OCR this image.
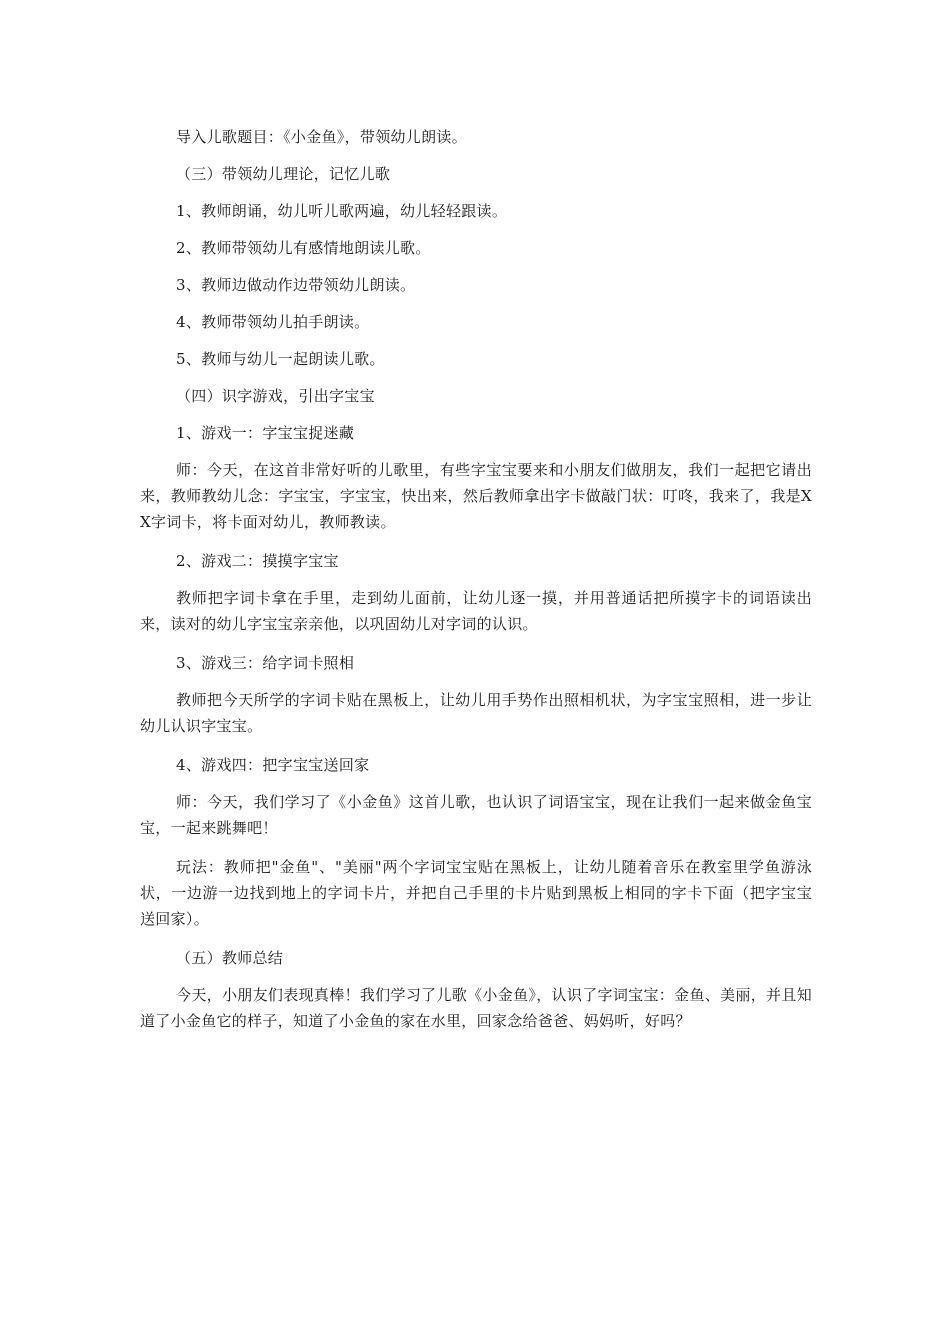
导入儿歌题目：《小金鱼》，带领幼儿朗读。

（三）带领幼儿理论，记忆儿歌

1、教师朗诵，幼儿听儿歌两遍，幼儿轻轻跟读。

2、教师带领幼儿有感情地朗读儿歌。

3、教师边做动作边带领幼儿朗读。

4、教师带领幼儿拍手朗读。

5、教师与幼儿一起朗读儿歌。

（四）识字游戏，引出字宝宝

1、游戏一：字宝宝捉迷藏

师：今天，在这首非常好听的儿歌里，有些字宝宝要来和小朋友们做朋友，我们一起把它请出来，教师教幼儿念：字宝宝，字宝宝，快出来，然后教师拿出字卡做敲门状：叮咚，我来了，我是XX字词卡，将卡面对幼儿，教师教读。

2、游戏二：摸摸字宝宝

教师把字词卡拿在手里，走到幼儿面前，让幼儿逐一摸，并用普通话把所摸字卡的词语读出来，读对的幼儿字宝宝亲亲他，以巩固幼儿对字词的认识。

3、游戏三：给字词卡照相

教师把今天所学的字词卡贴在黑板上，让幼儿用手势作出照相机状，为字宝宝照相，进一步让幼儿认识字宝宝。

4、游戏四：把字宝宝送回家

师：今天，我们学习了《小金鱼》这首儿歌，也认识了词语宝宝，现在让我们一起来做金鱼宝宝，一起来跳舞吧！

玩法：教师把"金鱼"、"美丽"两个字词宝宝贴在黑板上，让幼儿随着音乐在教室里学鱼游泳状，一边游一边找到地上的字词卡片，并把自己手里的卡片贴到黑板上相同的字卡下面（把字宝宝送回家）。

（五）教师总结

今天，小朋友们表现真棒！我们学习了儿歌《小金鱼》，认识了字词宝宝：金鱼、美丽，并且知道了小金鱼它的样子，知道了小金鱼的家在水里，回家念给爸爸、妈妈听，好吗？
